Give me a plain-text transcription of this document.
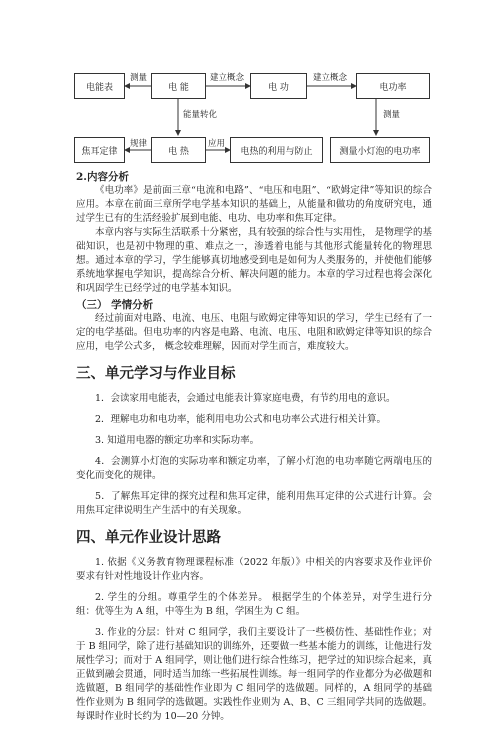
电能表	电 能	电 功	电功率
焦耳定律	电 热	电热的利用与防止	测量小灯泡的电功率
测量	建立概念	建立概念
测量
能量转化
规律	应用

2.内容分析

《电功率》是前面三章“电流和电路”、“电压和电阻”、“欧姆定律”等知识的综合应用。本章在前面三章所学电学基本知识的基础上，从能量和做功的角度研究电，通过学生已有的生活经验扩展到电能、电功、电功率和焦耳定律。

本章内容与实际生活联系十分紧密，具有较强的综合性与实用性， 是物理学的基础知识，也是初中物理的重、难点之一，渗透着电能与其他形式能量转化的物理思想。通过本章的学习，学生能够真切地感受到电是如何为人类服务的，并使他们能够系统地掌握电学知识，提高综合分析、解决问题的能力。本章的学习过程也将会深化和巩固学生已经学过的电学基本知识。

（三） 学情分析

经过前面对电路、电流、电压、电阻与欧姆定律等知识的学习，学生已经有了一定的电学基础。但电功率的内容是电路、电流、电压、电阻和欧姆定律等知识的综合应用，电学公式多， 概念较难理解，因而对学生而言，难度较大。

三、单元学习与作业目标

1．会读家用电能表，会通过电能表计算家庭电费，有节约用电的意识。

2．理解电功和电功率，能利用电功公式和电功率公式进行相关计算。

3. 知道用电器的额定功率和实际功率。

4．会测算小灯泡的实际功率和额定功率，了解小灯泡的电功率随它两端电压的变化而变化的规律。

5．了解焦耳定律的探究过程和焦耳定律，能利用焦耳定律的公式进行计算。会用焦耳定律说明生产生活中的有关现象。

四、单元作业设计思路

1. 依据《义务教育物理课程标准（2022 年版）》中相关的内容要求及作业评价要求有针对性地设计作业内容。

2. 学生的分组。尊重学生的个体差异。 根据学生的个体差异，对学生进行分组：优等生为 A 组，中等生为 B 组，学困生为 C 组。

3. 作业的分层：针对 C 组同学，我们主要设计了一些模仿性、基础性作业；对于 B 组同学，除了进行基础知识的训练外，还要做一些基本能力的训练，让他进行发展性学习；而对于 A 组同学，则让他们进行综合性练习，把学过的知识综合起来，真正做到融会贯通，同时适当加练一些拓展性训练。每一组同学的作业都分为必做题和选做题，B 组同学的基础性作业即为 C 组同学的选做题。同样的，A 组同学的基础性作业则为 B 组同学的选做题。实践性作业则为 A、B、C 三组同学共同的选做题。每课时作业时长约为 10—20 分钟。
